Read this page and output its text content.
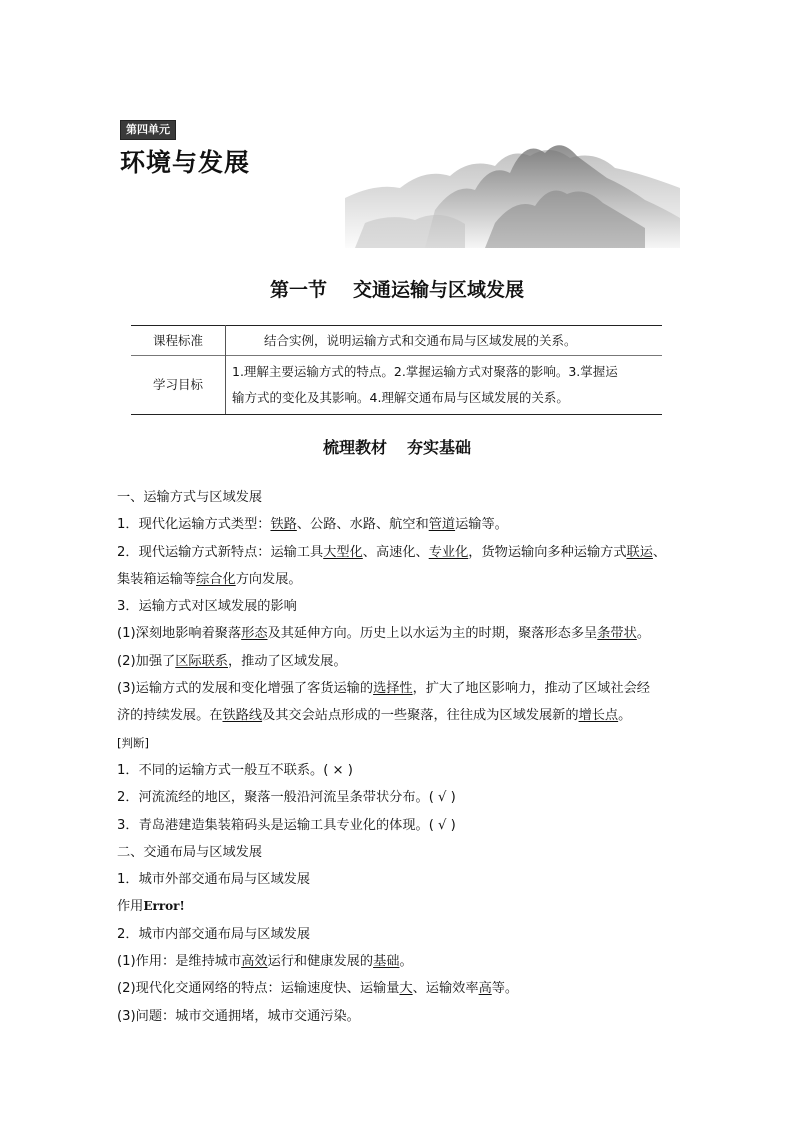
第四单元
环境与发展
第一节 交通运输与区域发展
课程标准	结合实例，说明运输方式和交通布局与区域发展的关系。
学习目标	1.理解主要运输方式的特点。2.掌握运输方式对聚落的影响。3.掌握运
输方式的变化及其影响。4.理解交通布局与区域发展的关系。
梳理教材 夯实基础
一、运输方式与区域发展
1．现代化运输方式类型：铁路、公路、水路、航空和管道运输等。
2．现代运输方式新特点：运输工具大型化、高速化、专业化，货物运输向多种运输方式联运、
集装箱运输等综合化方向发展。
3．运输方式对区域发展的影响
(1)深刻地影响着聚落形态及其延伸方向。历史上以水运为主的时期，聚落形态多呈条带状。
(2)加强了区际联系，推动了区域发展。
(3)运输方式的发展和变化增强了客货运输的选择性，扩大了地区影响力，推动了区域社会经
济的持续发展。在铁路线及其交会站点形成的一些聚落，往往成为区域发展新的增长点。
[判断]
1．不同的运输方式一般互不联系。( × )
2．河流流经的地区，聚落一般沿河流呈条带状分布。( √ )
3．青岛港建造集装箱码头是运输工具专业化的体现。( √ )
二、交通布局与区域发展
1．城市外部交通布局与区域发展
作用Error!
2．城市内部交通布局与区域发展
(1)作用：是维持城市高效运行和健康发展的基础。
(2)现代化交通网络的特点：运输速度快、运输量大、运输效率高等。
(3)问题：城市交通拥堵，城市交通污染。
